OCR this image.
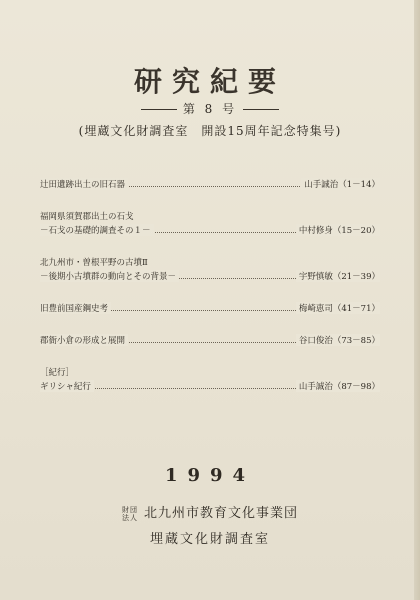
研究紀要
第 8 号
(埋蔵文化財調査室　開設15周年記念特集号)
辻田遺跡出土の旧石器	山手誠治（1－14）
福岡県須賀郡出土の石戈
－石戈の基礎的調査その１－	中村修身（15－20）
北九州市・曽根平野の古墳Ⅱ
－後期小古墳群の動向とその背景－	宇野慎敏（21－39）
旧豊前国産鋼史考	梅崎恵司（41－71）
郡衙小倉の形成と展開	谷口俊治（73－85）
［紀行］
ギリシャ紀行	山手誠治（87－98）
1994
財団
法人 北九州市教育文化事業団
埋蔵文化財調査室
